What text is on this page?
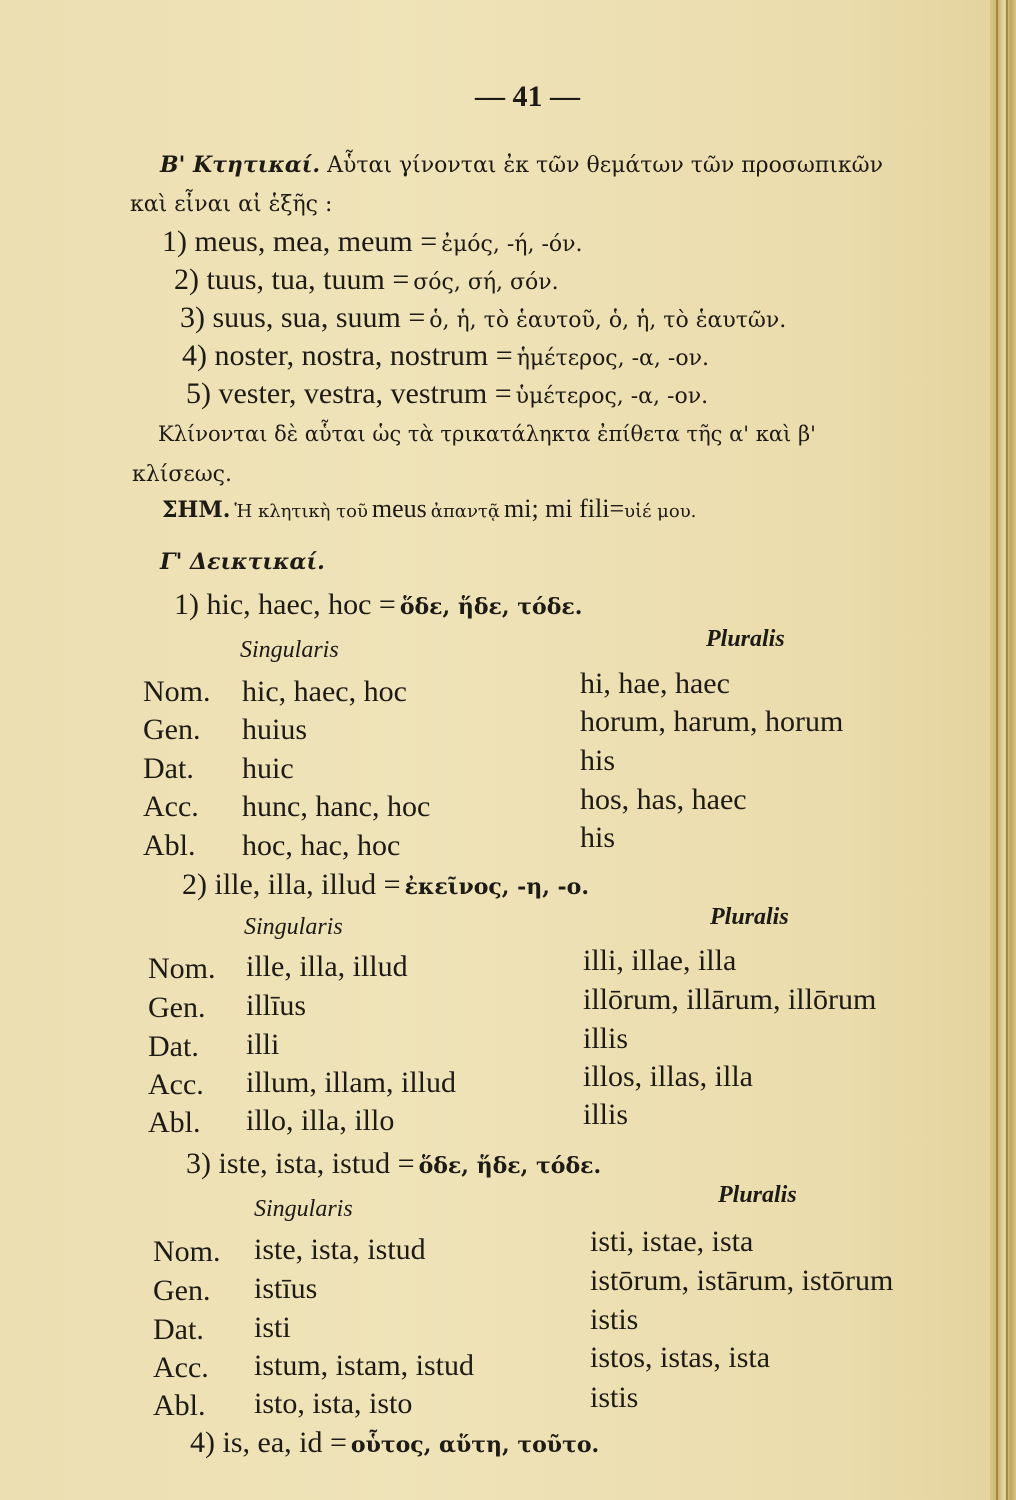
— 41 —
Β' Κτητικαί. Αὗται γίνονται ἐκ τῶν θεμάτων τῶν προσωπικῶν
καὶ εἶναι αἱ ἑξῆς :
1) meus, mea, meum = ἐμός, -ή, -όν.
2) tuus, tua, tuum = σός, σή, σόν.
3) suus, sua, suum = ὁ, ἡ, τὸ ἑαυτοῦ, ὁ, ἡ, τὸ ἑαυτῶν.
4) noster, nostra, nostrum = ἡμέτερος, -α, -ον.
5) vester, vestra, vestrum = ὑμέτερος, -α, -ον.
Κλίνονται δὲ αὗται ὡς τὰ τρικατάληκτα ἐπίθετα τῆς α' καὶ β'
κλίσεως.
ΣΗΜ. Ἡ κλητικὴ τοῦ meus ἀπαντᾷ mi; mi fili=υἱέ μου.
Γ' Δεικτικαί.
1) hic, haec, hoc = ὅδε, ἥδε, τόδε.
Singularis	Pluralis
Nom. hic, haec, hoc	hi, hae, haec
Gen. huius	horum, harum, horum
Dat. huic	his
Acc. hunc, hanc, hoc	hos, has, haec
Abl. hoc, hac, hoc	his
2) ille, illa, illud = ἐκεῖνος, -η, -ο.
Singularis	Pluralis
Nom. ille, illa, illud	illi, illae, illa
Gen. illīus	illōrum, illārum, illōrum
Dat. illi	illis
Acc. illum, illam, illud	illos, illas, illa
Abl. illo, illa, illo	illis
3) iste, ista, istud = ὅδε, ἥδε, τόδε.
Singularis
Pluralis
Nom. iste, ista, istud	isti, istae, ista
Gen. istīus	istōrum, istārum, istōrum
Dat. isti	istis
Acc. istum, istam, istud	istos, istas, ista
Abl. isto, ista, isto	istis
4) is, ea, id = οὗτος, αὕτη, τοῦτο.
